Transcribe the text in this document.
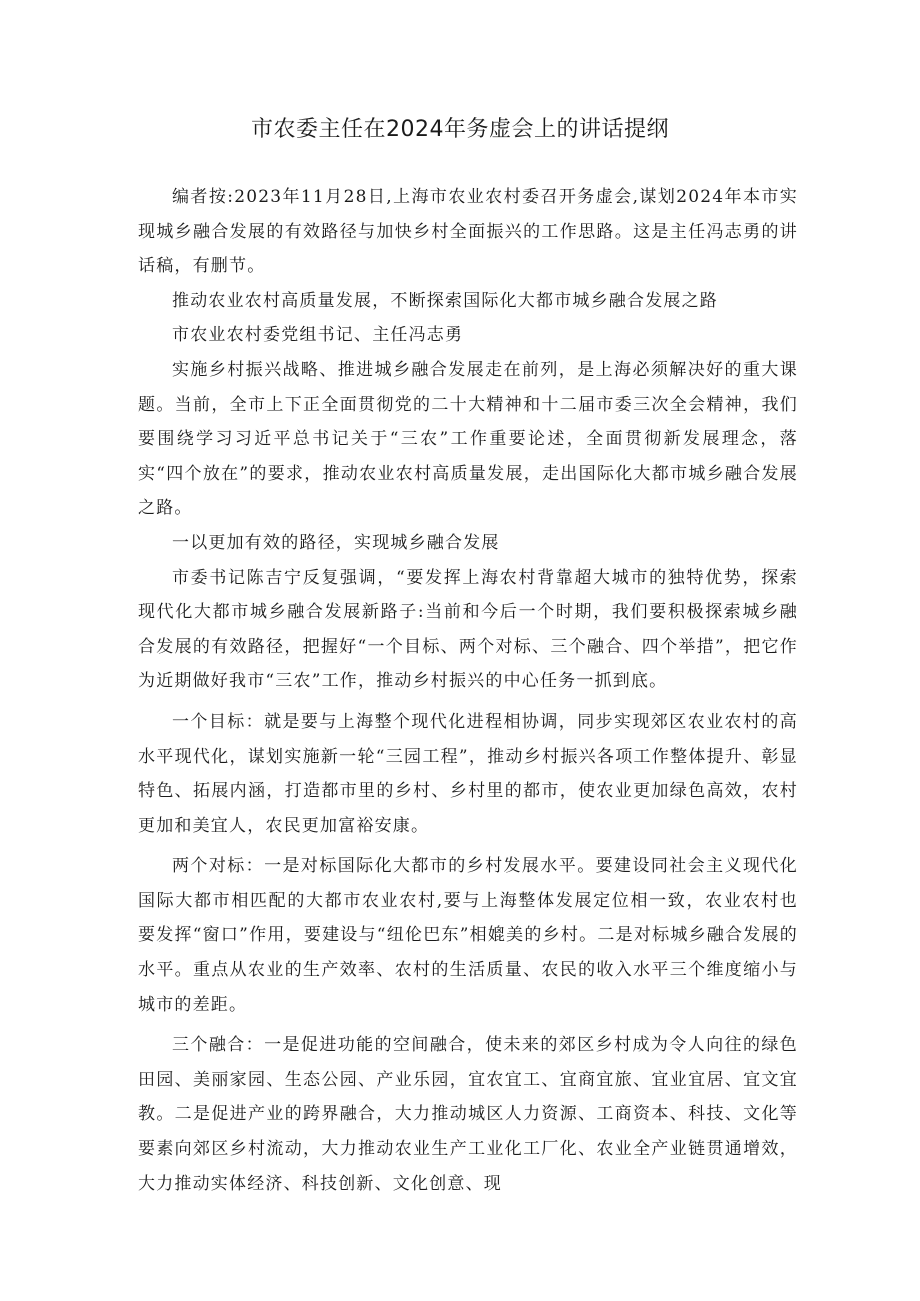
市农委主任在2024年务虚会上的讲话提纲

编者按:2023年11月28日,上海市农业农村委召开务虚会,谋划2024年本市实现城乡融合发展的有效路径与加快乡村全面振兴的工作思路。这是主任冯志勇的讲话稿，有删节。

推动农业农村高质量发展，不断探索国际化大都市城乡融合发展之路

市农业农村委党组书记、主任冯志勇

实施乡村振兴战略、推进城乡融合发展走在前列，是上海必须解决好的重大课题。当前，全市上下正全面贯彻党的二十大精神和十二届市委三次全会精神，我们要围绕学习习近平总书记关于“三农”工作重要论述，全面贯彻新发展理念，落实“四个放在”的要求，推动农业农村高质量发展，走出国际化大都市城乡融合发展之路。

一以更加有效的路径，实现城乡融合发展

市委书记陈吉宁反复强调，“要发挥上海农村背靠超大城市的独特优势，探索现代化大都市城乡融合发展新路子:当前和今后一个时期，我们要积极探索城乡融合发展的有效路径，把握好“一个目标、两个对标、三个融合、四个举措”，把它作为近期做好我市“三农”工作，推动乡村振兴的中心任务一抓到底。

一个目标：就是要与上海整个现代化进程相协调，同步实现郊区农业农村的高水平现代化，谋划实施新一轮“三园工程”，推动乡村振兴各项工作整体提升、彰显特色、拓展内涵，打造都市里的乡村、乡村里的都市，使农业更加绿色高效，农村更加和美宜人，农民更加富裕安康。

两个对标：一是对标国际化大都市的乡村发展水平。要建设同社会主义现代化国际大都市相匹配的大都市农业农村,要与上海整体发展定位相一致，农业农村也要发挥“窗口”作用，要建设与“纽伦巴东”相媲美的乡村。二是对标城乡融合发展的水平。重点从农业的生产效率、农村的生活质量、农民的收入水平三个维度缩小与城市的差距。

三个融合：一是促进功能的空间融合，使未来的郊区乡村成为令人向往的绿色田园、美丽家园、生态公园、产业乐园，宜农宜工、宜商宜旅、宜业宜居、宜文宜教。二是促进产业的跨界融合，大力推动城区人力资源、工商资本、科技、文化等要素向郊区乡村流动，大力推动农业生产工业化工厂化、农业全产业链贯通增效，大力推动实体经济、科技创新、文化创意、现
